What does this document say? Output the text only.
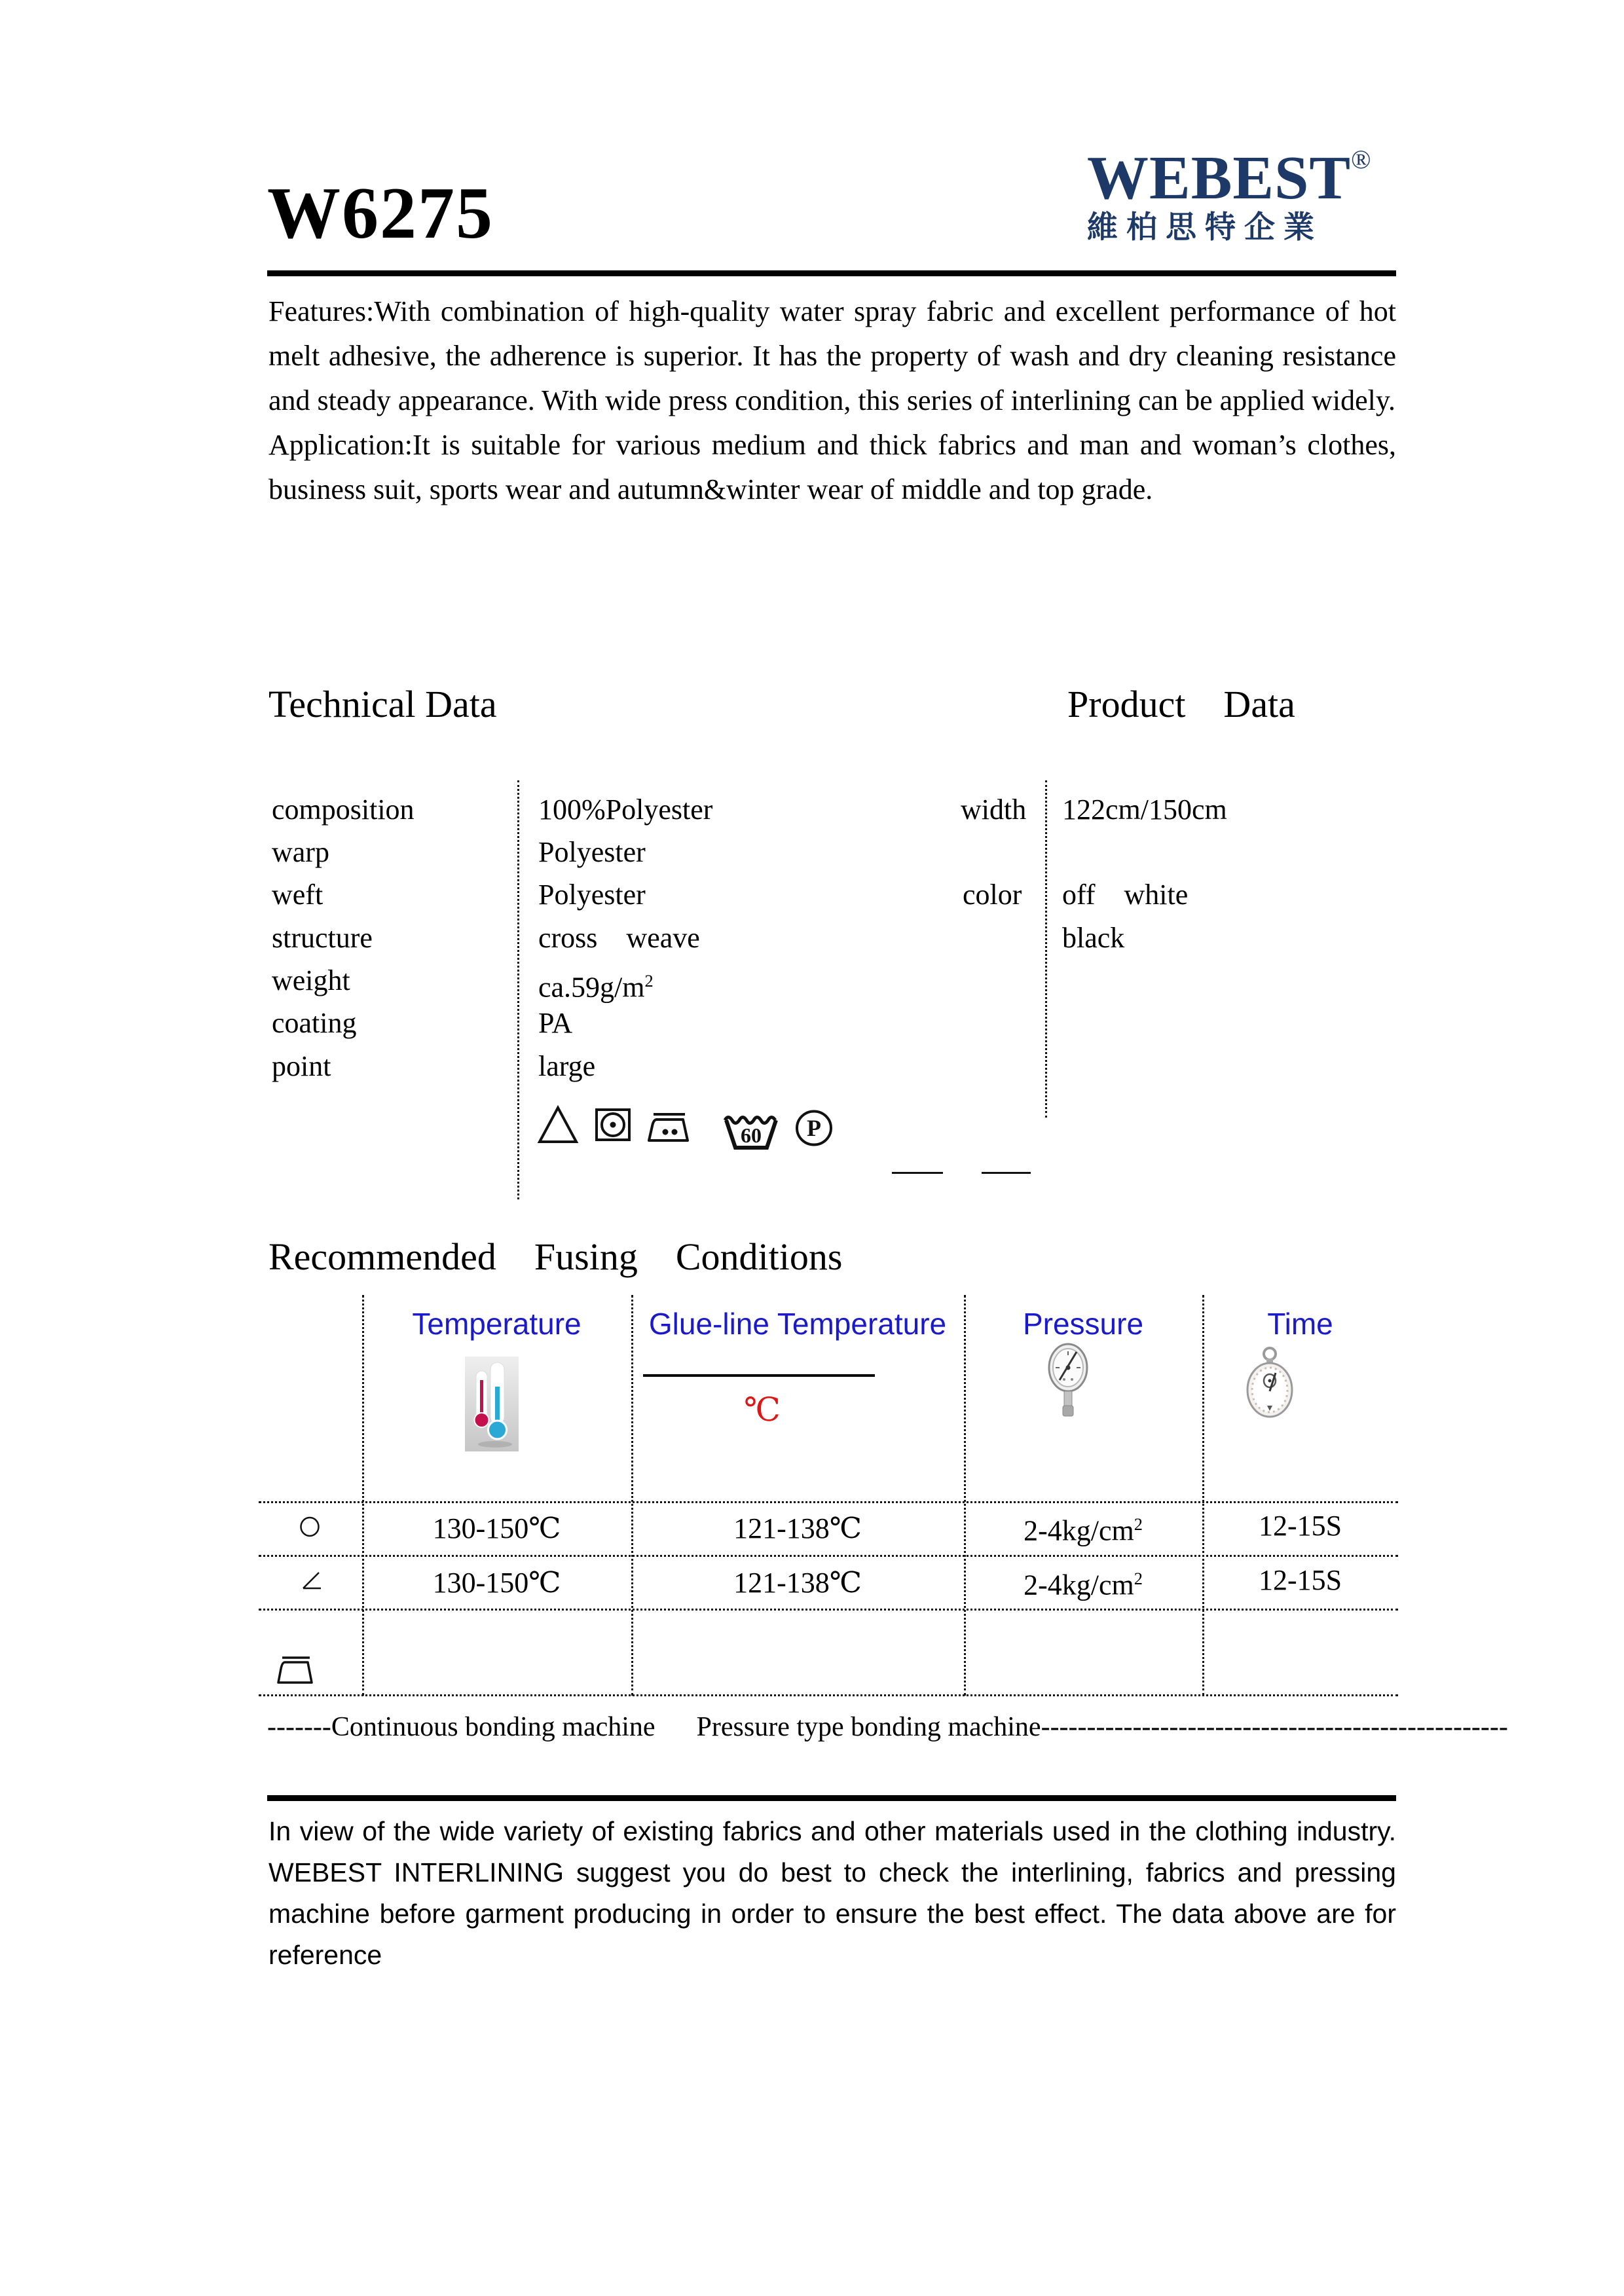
W6275	WEBEST®
維柏思特企業

Features:With combination of high-quality water spray fabric and excellent performance of hot melt adhesive, the adherence is superior. It has the property of wash and dry cleaning resistance and steady appearance. With wide press condition, this series of interlining can be applied widely.

Application:It is suitable for various medium and thick fabrics and man and woman’s clothes, business suit, sports wear and autumn&winter wear of middle and top grade.

Technical Data	Product    Data
composition	100%Polyester
warp	Polyester
weft	Polyester
structure	cross    weave
weight	$ca.59g/m^2$
coating	PA
point	large
width 122cm/150cm
color off    white
black
60 P
Recommended    Fusing    Conditions
Temperature	Glue-line Temperature	Pressure	Time
℃
130-150℃	121-138℃	$2-4kg/cm^2$	12-15S
130-150℃	121-138℃	$2-4kg/cm^2$	12-15S
-------Continuous bonding machine      Pressure type bonding machine---------------------------------------------------
In view of the wide variety of existing fabrics and other materials used in the clothing industry. WEBEST INTERLINING suggest you do best to check the interlining, fabrics and pressing machine before garment producing in order to ensure the best effect. The data above are for reference
